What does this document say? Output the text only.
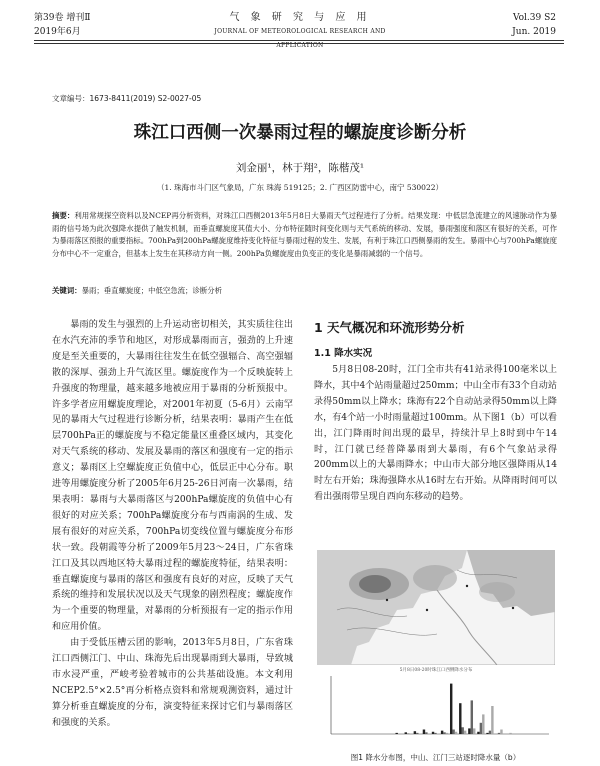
第39卷 增刊Ⅱ
2019年6月
气 象 研 究 与 应 用
JOURNAL OF METEOROLOGICAL RESEARCH AND APPLICATION
Vol.39 S2
Jun. 2019
文章编号：1673-8411(2019) S2-0027-05
珠江口西侧一次暴雨过程的螺旋度诊断分析
刘金丽¹，林于翔²，陈楷茂¹
（1. 珠海市斗门区气象局，广东 珠海 519125；2. 广西区防雷中心，南宁 530022）
摘要：利用常规探空资料以及NCEP再分析资料，对珠江口西侧2013年5月8日大暴雨天气过程进行了分析。结果发现：中低层急流建立的风速脉动作为暴雨的信号场为此次强降水提供了触发机制，而垂直螺旋度其值大小、分布特征随时间变化则与天气系统的移动、发展，暴雨强度和落区有很好的关系，可作为暴雨落区预报的重要指标。700hPa到200hPa螺旋度维持变化特征与暴雨过程的发生、发展，有利于珠江口西侧暴雨的发生。暴雨中心与700hPa螺旋度分布中心不一定重合，但基本上发生在其移动方向一侧。200hPa负螺旋度由负变正的变化是暴雨减弱的一个信号。
关键词：暴雨；垂直螺旋度；中低空急流；诊断分析

暴雨的发生与强烈的上升运动密切相关，其实质往往出在水汽充沛的季节和地区，对形成暴雨而言，强劲的上升速度是至关重要的，大暴雨往往发生在低空强辐合、高空强辐散的深厚、强劲上升气流区里。螺旋度作为一个反映旋转上升强度的物理量，越来越多地被应用于暴雨的分析预报中。许多学者应用螺旋度理论，对2001年初夏（5-6月）云南罕见的暴雨大气过程进行诊断分析，结果表明：暴雨产生在低层700hPa正的螺旋度与不稳定能量区重叠区域内，其变化对天气系统的移动、发展及暴雨的落区和强度有一定的指示意义；暴雨区上空螺旋度正负值中心，低层正中心分布。职进等用螺旋度分析了2005年6月25-26日河南一次暴雨，结果表明：暴雨与大暴雨落区与200hPa螺旋度的负值中心有很好的对应关系；700hPa螺旋度分布与西南涡的生成、发展有很好的对应关系，700hPa切变线位置与螺旋度分布形状一致。段朝霞等分析了2009年5月23～24日，广东省珠江口及其以西地区特大暴雨过程的螺旋度特征，结果表明：垂直螺旋度与暴雨的落区和强度有良好的对应，反映了天气系统的维持和发展状况以及天气现象的剧烈程度；螺旋度作为一个重要的物理量，对暴雨的分析预报有一定的指示作用和应用价值。

由于受低压槽云团的影响，2013年5月8日，广东省珠江口西侧江门、中山、珠海先后出现暴雨到大暴雨，导致城市水浸严重，严峻考验着城市的公共基础设施。本文利用NCEP2.5°×2.5°再分析格点资料和常规观测资料，通过计算分析垂直螺旋度的分布，演变特征来探讨它们与暴雨落区和强度的关系。

1 天气概况和环流形势分析
1.1 降水实况

5月8日08-20时，江门全市共有41站录得100毫米以上降水，其中4个站雨量超过250mm；中山全市有33个自动站录得50mm以上降水；珠海有22个自动站录得50mm以上降水，有4个站一小时雨量超过100mm。从下图1（b）可以看出，江门降雨时间出现的最早，持续汁早上8时到中午14时，江门就已经普降暴雨到大暴雨，有6个气象站录得200mm以上的大暴雨降水；中山市大部分地区强降雨从14时左右开始；珠海强降水从16时左右开始。从降雨时间可以看出强雨带呈现自西向东移动的趋势。

5月8日08-20时珠江口西侧降水分布
图1 降水分布图，中山、江门三站逐时降水量（b）
